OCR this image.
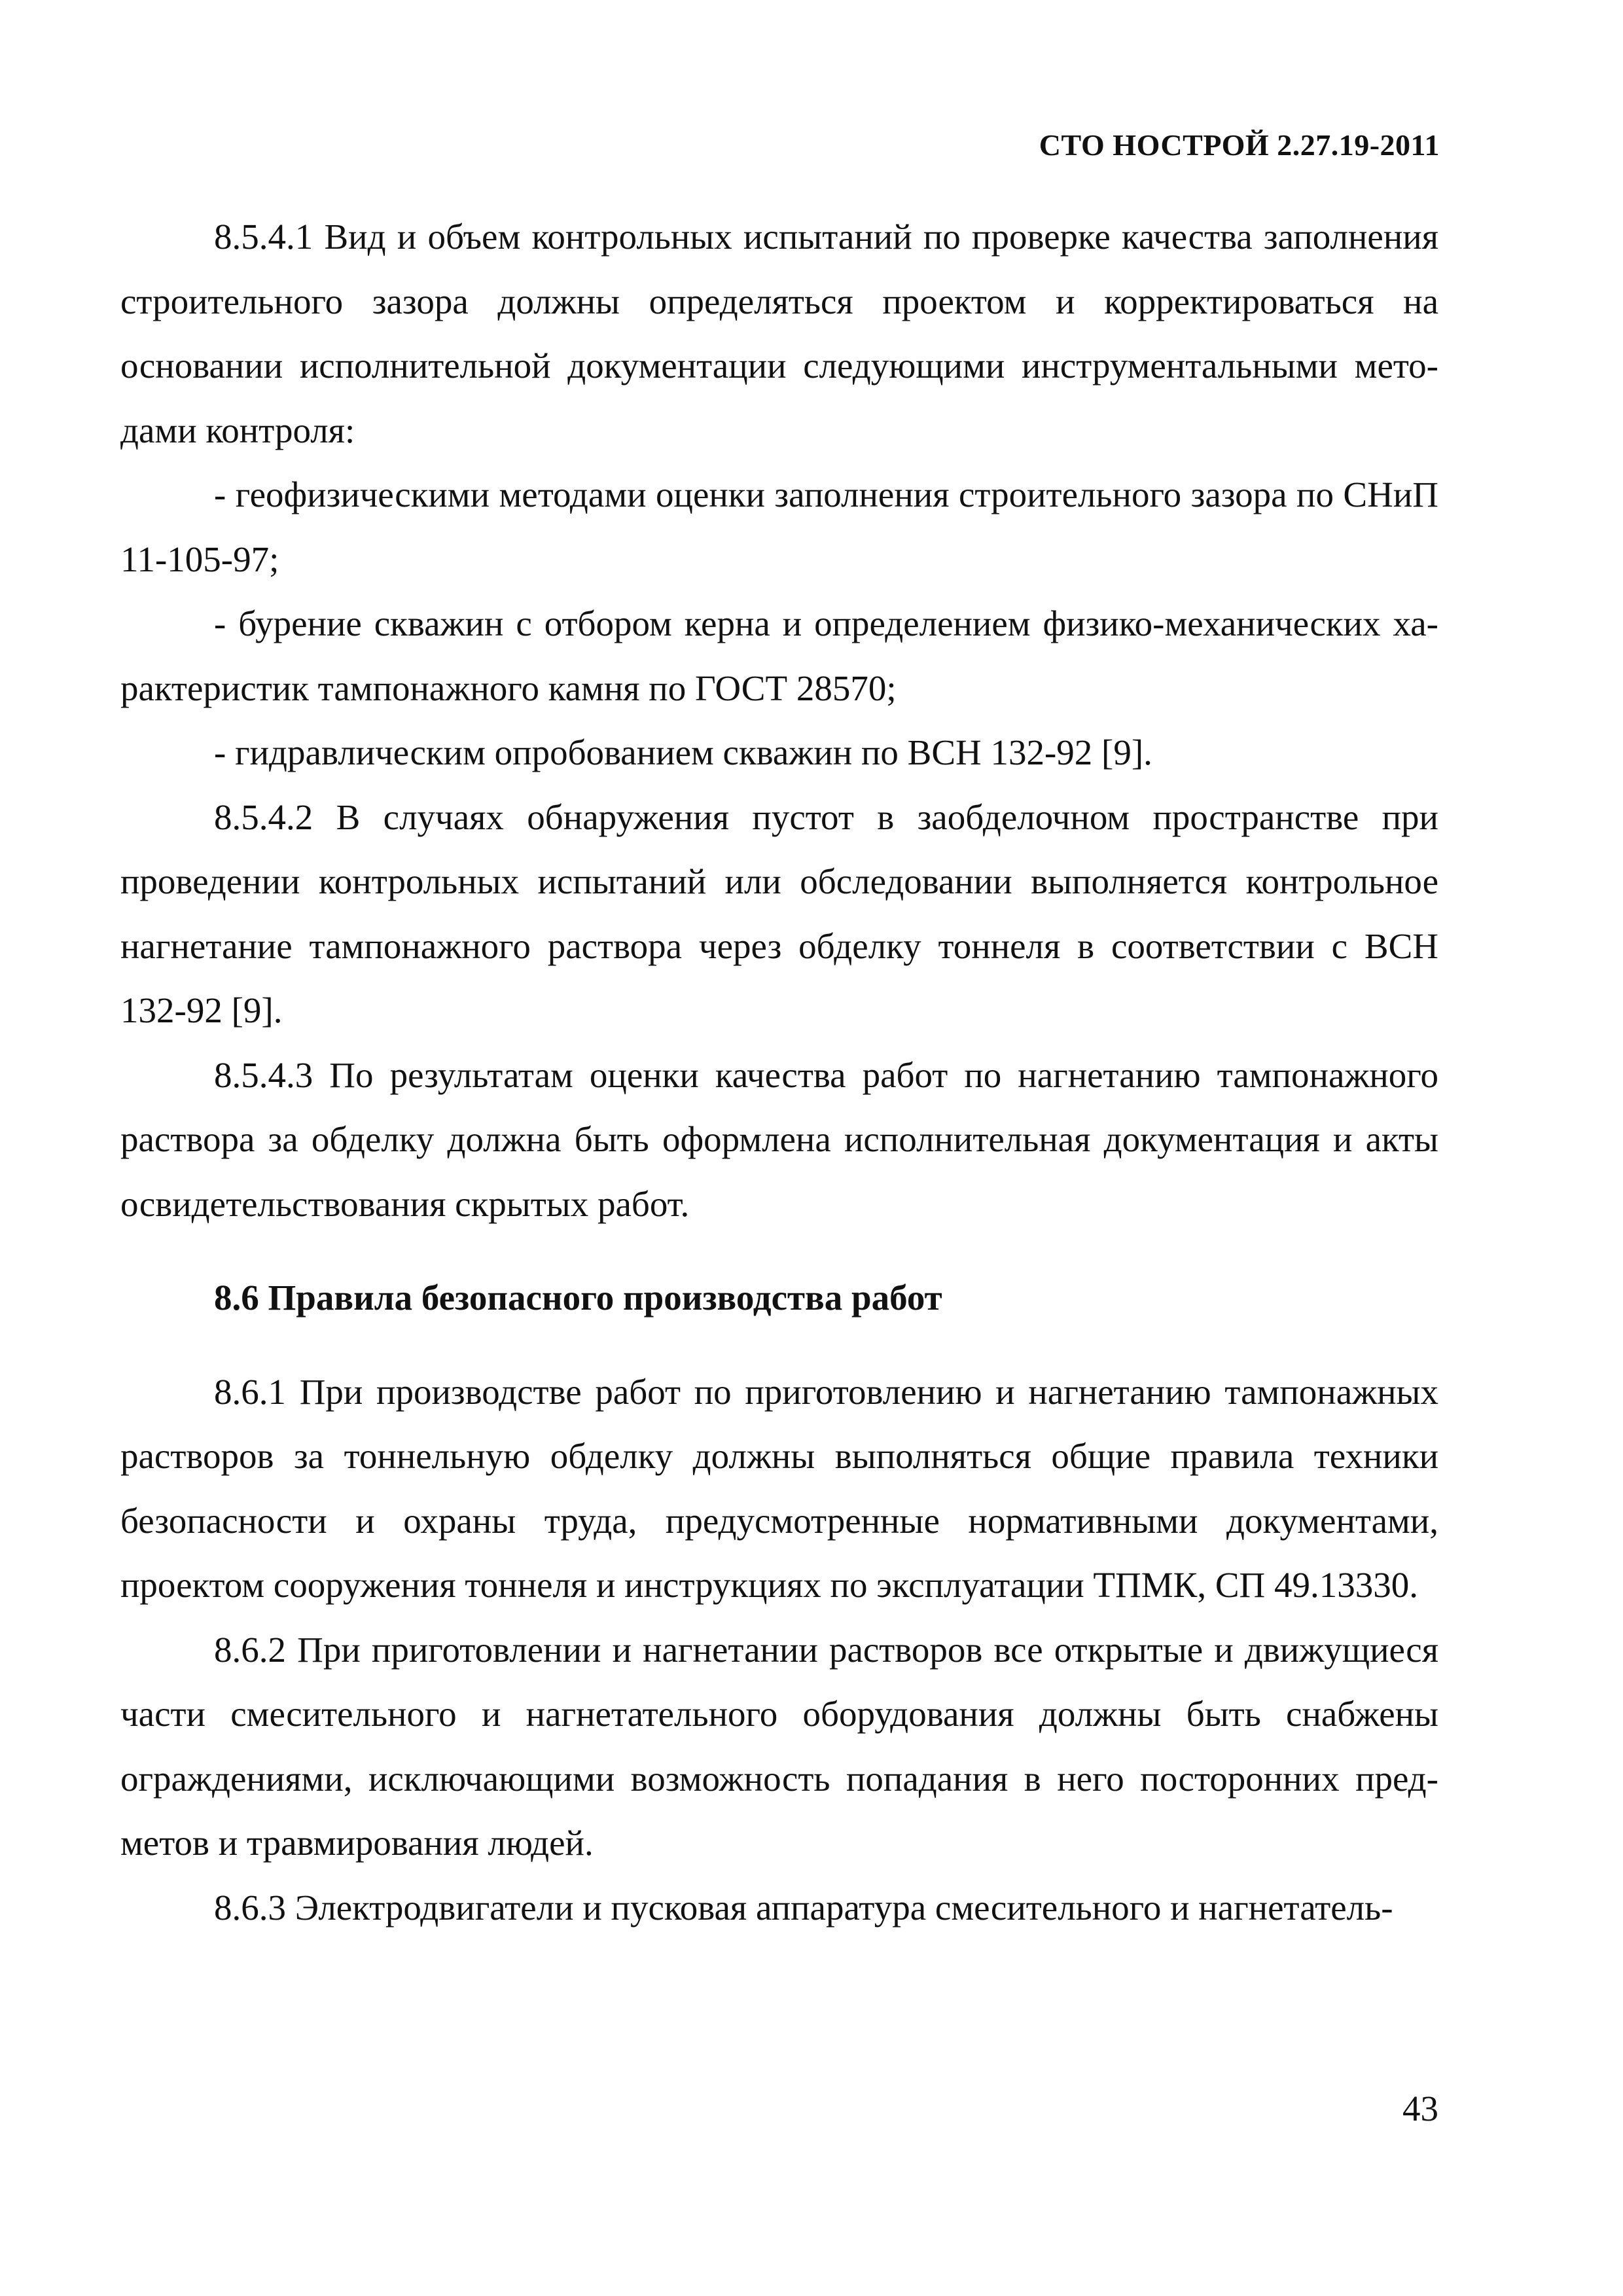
СТО НОСТРОЙ 2.27.19-2011

8.5.4.1 Вид и объем контрольных испытаний по проверке качества заполнения строительного зазора должны определяться проектом и корректироваться на основании исполнительной документации следующими инструментальными методами контроля:

- геофизическими методами оценки заполнения строительного зазора по СНиП 11-105-97;

- бурение скважин с отбором керна и определением физико-механических характеристик тампонажного камня по ГОСТ 28570;

- гидравлическим опробованием скважин по ВСН 132-92 [9].

8.5.4.2 В случаях обнаружения пустот в заобделочном пространстве при проведении контрольных испытаний или обследовании выполняется контрольное нагнетание тампонажного раствора через обделку тоннеля в соответствии с ВСН 132-92 [9].

8.5.4.3 По результатам оценки качества работ по нагнетанию тампонажного раствора за обделку должна быть оформлена исполнительная документация и акты освидетельствования скрытых работ.

8.6 Правила безопасного производства работ

8.6.1 При производстве работ по приготовлению и нагнетанию тампонажных растворов за тоннельную обделку должны выполняться общие правила техники безопасности и охраны труда, предусмотренные нормативными документами, проектом сооружения тоннеля и инструкциях по эксплуатации ТПМК, СП 49.13330.

8.6.2 При приготовлении и нагнетании растворов все открытые и движущиеся части смесительного и нагнетательного оборудования должны быть снабжены ограждениями, исключающими возможность попадания в него посторонних предметов и травмирования людей.

8.6.3 Электродвигатели и пусковая аппаратура смесительного и нагнетатель-

43
